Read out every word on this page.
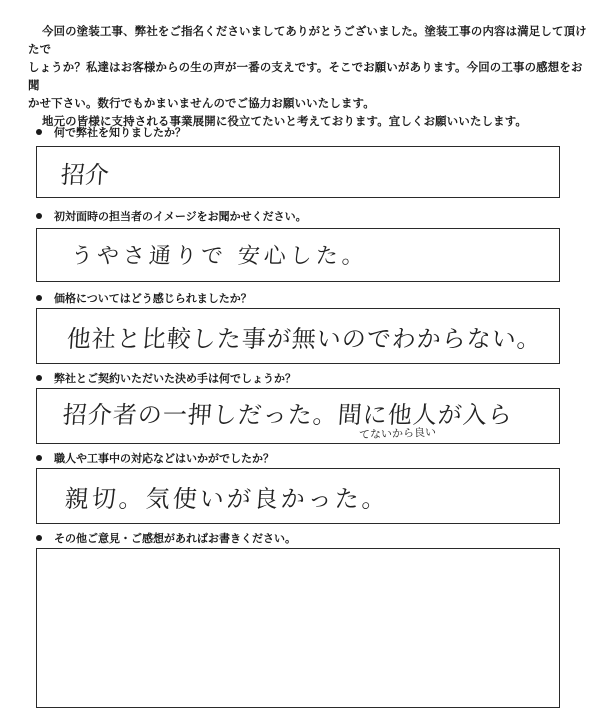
今回の塗装工事、弊社をご指名くださいましてありがとうございました。塗装工事の内容は満足して頂けたで

しょうか？私達はお客様からの生の声が一番の支えです。そこでお願いがあります。今回の工事の感想をお聞

かせ下さい。数行でもかまいませんのでご協力お願いいたします。

地元の皆様に支持される事業展開に役立てたいと考えております。宜しくお願いいたします。

何で弊社を知りましたか？
招介
初対面時の担当者のイメージをお聞かせください。
うやさ通りで 安心した。
価格についてはどう感じられましたか？
他社と比較した事が無いのでわからない。
弊社とご契約いただいた決め手は何でしょうか？
招介者の一押しだった。間に他人が入ら
てないから良い
職人や工事中の対応などはいかがでしたか？
親切。気使いが良かった。
その他ご意見・ご感想があればお書きください。
